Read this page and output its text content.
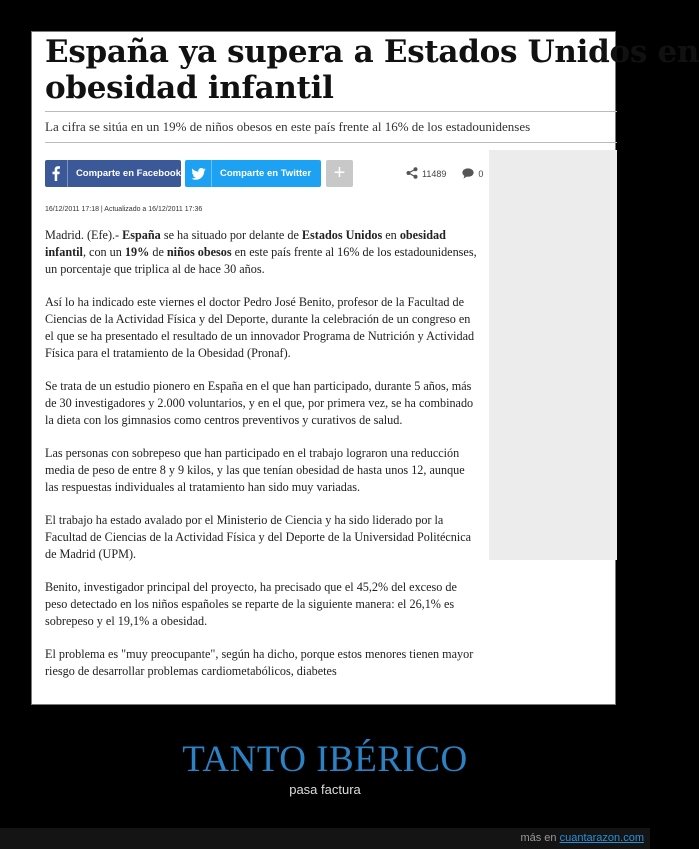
España ya supera a Estados Unidos en
obesidad infantil
La cifra se sitúa en un 19% de niños obesos en este país frente al 16% de los estadounidenses
Comparte en Facebook	Comparte en Twitter +	11489	0
16/12/2011 17:18 | Actualizado a 16/12/2011 17:36

Madrid. (Efe).- España se ha situado por delante de Estados Unidos en obesidad infantil, con un 19% de niños obesos en este país frente al 16% de los estadounidenses, un porcentaje que triplica al de hace 30 años.

Así lo ha indicado este viernes el doctor Pedro José Benito, profesor de la Facultad de Ciencias de la Actividad Física y del Deporte, durante la celebración de un congreso en el que se ha presentado el resultado de un innovador Programa de Nutrición y Actividad Física para el tratamiento de la Obesidad (Pronaf).

Se trata de un estudio pionero en España en el que han participado, durante 5 años, más de 30 investigadores y 2.000 voluntarios, y en el que, por primera vez, se ha combinado la dieta con los gimnasios como centros preventivos y curativos de salud.

Las personas con sobrepeso que han participado en el trabajo lograron una reducción media de peso de entre 8 y 9 kilos, y las que tenían obesidad de hasta unos 12, aunque las respuestas individuales al tratamiento han sido muy variadas.

El trabajo ha estado avalado por el Ministerio de Ciencia y ha sido liderado por la Facultad de Ciencias de la Actividad Física y del Deporte de la Universidad Politécnica de Madrid (UPM).

Benito, investigador principal del proyecto, ha precisado que el 45,2% del exceso de peso detectado en los niños españoles se reparte de la siguiente manera: el 26,1% es sobrepeso y el 19,1% a obesidad.

El problema es "muy preocupante", según ha dicho, porque estos menores tienen mayor riesgo de desarrollar problemas cardiometabólicos, diabetes

TANTO IBÉRICO
pasa factura
más en cuantarazon.com
